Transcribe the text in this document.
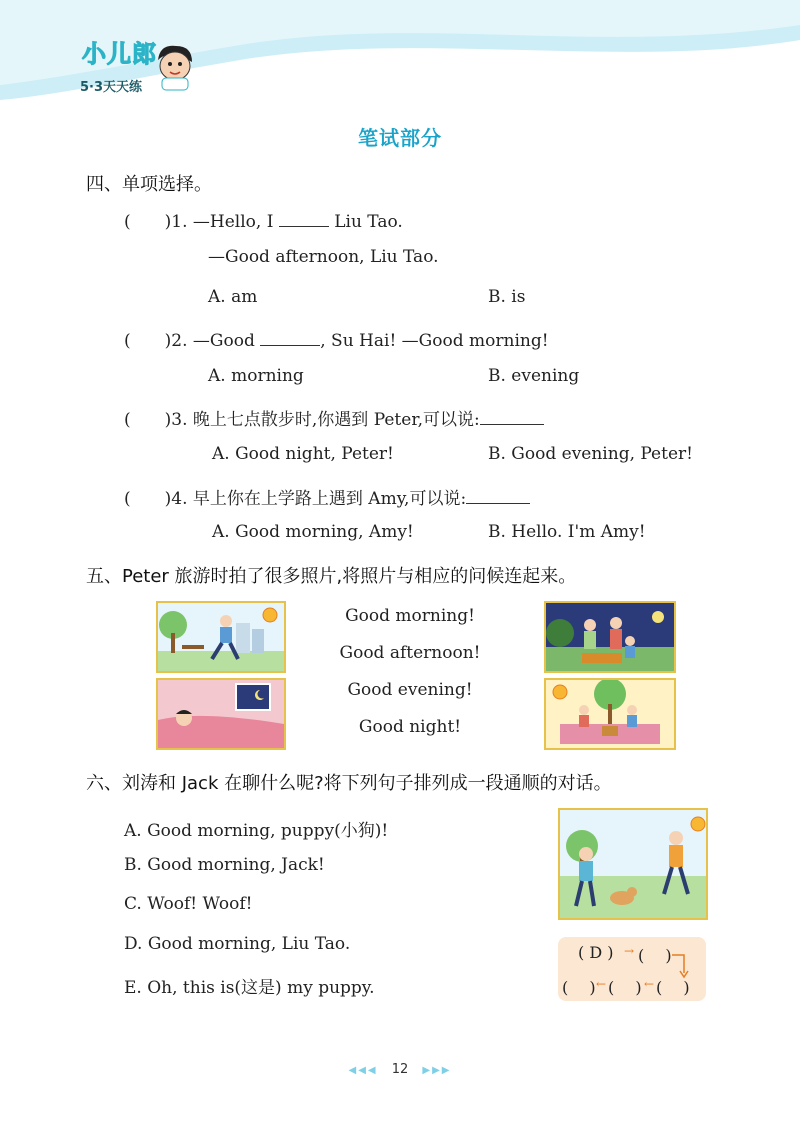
小儿郎
5·3天天练
笔试部分
四、单项选择。
(　　)1. —Hello, I	Liu Tao.
—Good afternoon, Liu Tao.
A. am	B. is
(　　)2. —Good	, Su Hai! —Good morning!
A. morning	B. evening
(　　)3. 晚上七点散步时,你遇到 Peter,可以说:
A. Good night, Peter!	B. Good evening, Peter!
(　　)4. 早上你在上学路上遇到 Amy,可以说:
A. Good morning, Amy!	B. Hello. I'm Amy!
五、Peter 旅游时拍了很多照片,将照片与相应的问候连起来。
Good morning!
Good afternoon!
Good evening!
Good night!
六、刘涛和 Jack 在聊什么呢?将下列句子排列成一段通顺的对话。
A. Good morning, puppy(小狗)!
B. Good morning, Jack!
C. Woof! Woof!
D. Good morning, Liu Tao.
E. Oh, this is(这是) my puppy.
( D ) → (　 )
(　 ) ← (　 ) ← (　 )
◀◀◀ 12 ▶▶▶
